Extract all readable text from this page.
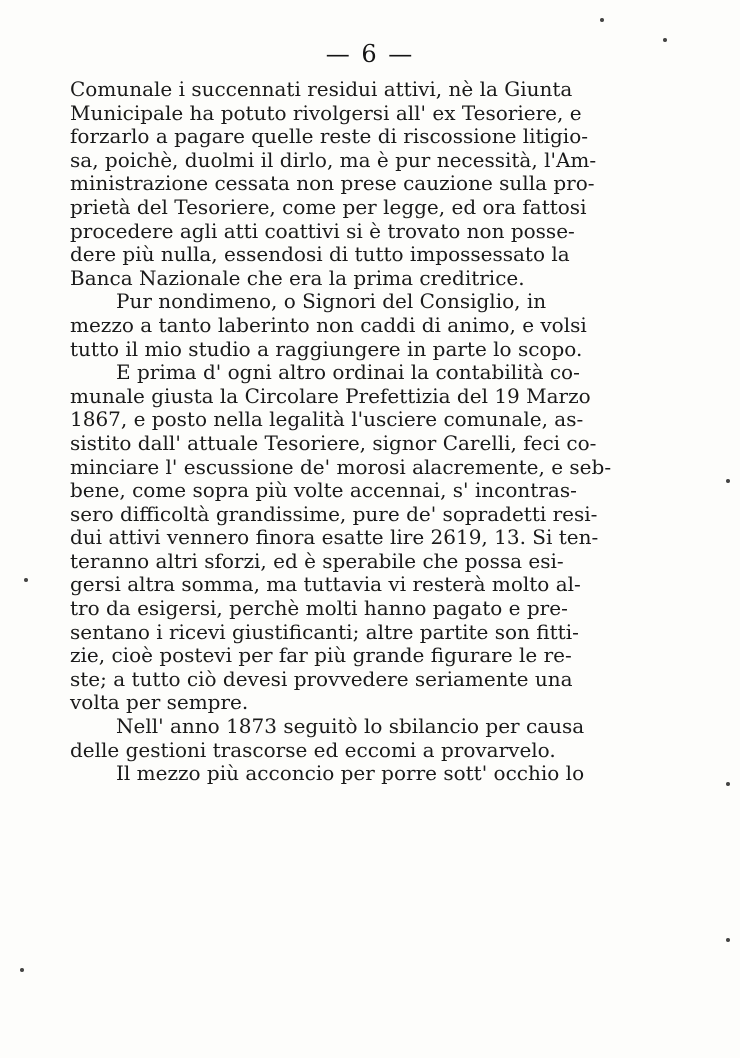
— 6 —
Comunale i succennati residui attivi, nè la Giunta
Municipale ha potuto rivolgersi all' ex Tesoriere, e
forzarlo a pagare quelle reste di riscossione litigio-
sa, poichè, duolmi il dirlo, ma è pur necessità, l'Am-
ministrazione cessata non prese cauzione sulla pro-
prietà del Tesoriere, come per legge, ed ora fattosi
procedere agli atti coattivi si è trovato non posse-
dere più nulla, essendosi di tutto impossessato la
Banca Nazionale che era la prima creditrice.
Pur nondimeno, o Signori del Consiglio, in
mezzo a tanto laberinto non caddi di animo, e volsi
tutto il mio studio a raggiungere in parte lo scopo.
E prima d' ogni altro ordinai la contabilità co-
munale giusta la Circolare Prefettizia del 19 Marzo
1867, e posto nella legalità l'usciere comunale, as-
sistito dall' attuale Tesoriere, signor Carelli, feci co-
minciare l' escussione de' morosi alacremente, e seb-
bene, come sopra più volte accennai, s' incontras-
sero difficoltà grandissime, pure de' sopradetti resi-
dui attivi vennero finora esatte lire 2619, 13. Si ten-
teranno altri sforzi, ed è sperabile che possa esi-
gersi altra somma, ma tuttavia vi resterà molto al-
tro da esigersi, perchè molti hanno pagato e pre-
sentano i ricevi giustificanti; altre partite son fitti-
zie, cioè postevi per far più grande figurare le re-
ste; a tutto ciò devesi provvedere seriamente una
volta per sempre.
Nell' anno 1873 seguitò lo sbilancio per causa
delle gestioni trascorse ed eccomi a provarvelo.
Il mezzo più acconcio per porre sott' occhio lo
